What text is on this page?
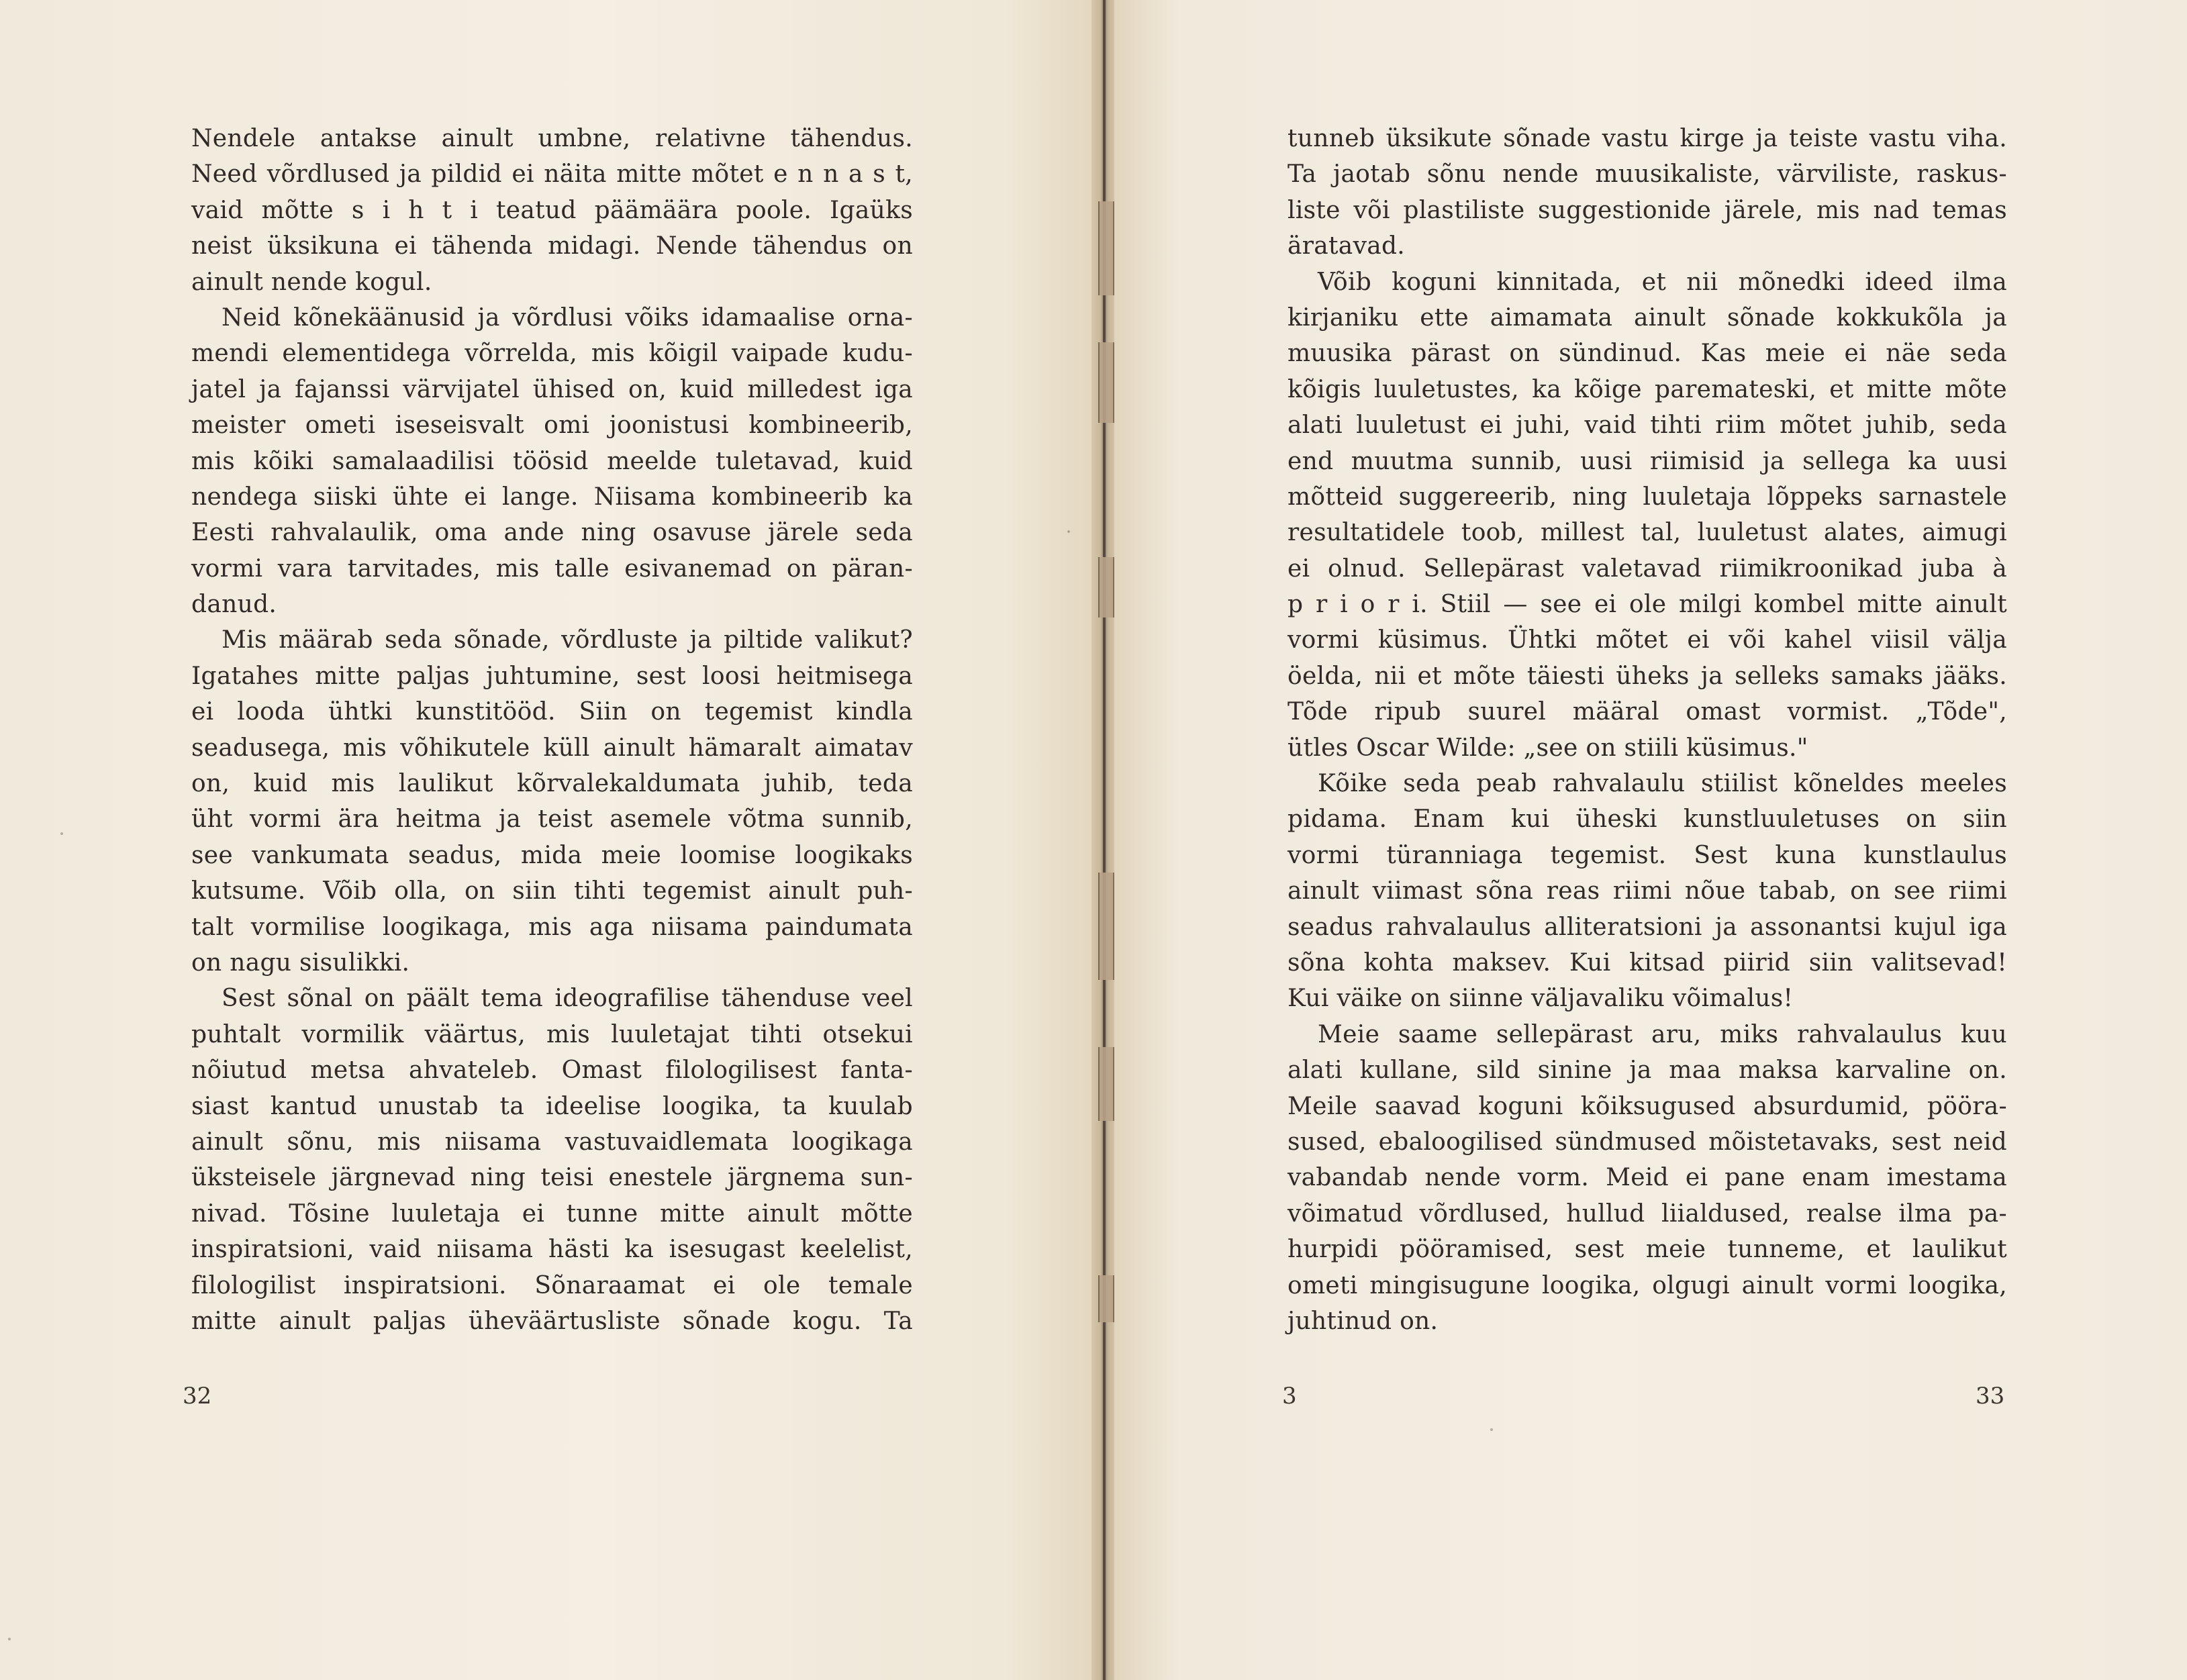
Nendele antakse ainult umbne, relativne tähendus.
Need võrdlused ja pildid ei näita mitte mõtet e n n a s t,
vaid mõtte s i h t i teatud päämäära poole. Igaüks
neist üksikuna ei tähenda midagi. Nende tähendus on
ainult nende kogul.
Neid kõnekäänusid ja võrdlusi võiks idamaalise orna-
mendi elementidega võrrelda, mis kõigil vaipade kudu-
jatel ja fajanssi värvijatel ühised on, kuid milledest iga
meister ometi iseseisvalt omi joonistusi kombineerib,
mis kõiki samalaadilisi töösid meelde tuletavad, kuid
nendega siiski ühte ei lange. Niisama kombineerib ka
Eesti rahvalaulik, oma ande ning osavuse järele seda
vormi vara tarvitades, mis talle esivanemad on päran-
danud.
Mis määrab seda sõnade, võrdluste ja piltide valikut?
Igatahes mitte paljas juhtumine, sest loosi heitmisega
ei looda ühtki kunstitööd. Siin on tegemist kindla
seadusega, mis võhikutele küll ainult hämaralt aimatav
on, kuid mis laulikut kõrvalekaldumata juhib, teda
üht vormi ära heitma ja teist asemele võtma sunnib,
see vankumata seadus, mida meie loomise loogikaks
kutsume. Võib olla, on siin tihti tegemist ainult puh-
talt vormilise loogikaga, mis aga niisama paindumata
on nagu sisulikki.
Sest sõnal on päält tema ideografilise tähenduse veel
puhtalt vormilik väärtus, mis luuletajat tihti otsekui
nõiutud metsa ahvateleb. Omast filologilisest fanta-
siast kantud unustab ta ideelise loogika, ta kuulab
ainult sõnu, mis niisama vastuvaidlematа loogikaga
üksteisele järgnevad ning teisi enestele järgnema sun-
nivad. Tõsine luuletaja ei tunne mitte ainult mõtte
inspiratsioni, vaid niisama hästi ka isesugast keelelist,
filologilist inspiratsioni. Sõnaraamat ei ole temale
mitte ainult paljas üheväärtusliste sõnade kogu. Ta
32
tunneb üksikute sõnade vastu kirge ja teiste vastu viha.
Ta jaotab sõnu nende muusikaliste, värviliste, raskus-
liste või plastiliste suggestionide järele, mis nad temas
äratavad.
Võib koguni kinnitada, et nii mõnedki ideed ilma
kirjaniku ette aimamata ainult sõnade kokkukõla ja
muusika pärast on sündinud. Kas meie ei näe seda
kõigis luuletustes, ka kõige paremateski, et mitte mõte
alati luuletust ei juhi, vaid tihti riim mõtet juhib, seda
end muutma sunnib, uusi riimisid ja sellega ka uusi
mõtteid suggereerib, ning luuletaja lõppeks sarnastele
resultatidele toob, millest tal, luuletust alates, aimugi
ei olnud. Sellepärast valetavad riimikroonikad juba à
p r i o r i. Stiil — see ei ole milgi kombel mitte ainult
vormi küsimus. Ühtki mõtet ei või kahel viisil välja
öelda, nii et mõte täiesti üheks ja selleks samaks jääks.
Tõde ripub suurel määral omast vormist. „Tõde",
ütles Oscar Wilde: „see on stiili küsimus."
Kõike seda peab rahvalaulu stiilist kõneldes meeles
pidama. Enam kui üheski kunstluuletuses on siin
vormi türanniaga tegemist. Sest kuna kunstlaulus
ainult viimast sõna reas riimi nõue tabab, on see riimi
seadus rahvalaulus alliteratsioni ja assonantsi kujul iga
sõna kohta maksev. Kui kitsad piirid siin valitsevad!
Kui väike on siinne väljavaliku võimalus!
Meie saame sellepärast aru, miks rahvalaulus kuu
alati kullane, sild sinine ja maa maksa karvaline on.
Meile saavad koguni kõiksugused absurdumid, pöörа-
sused, ebaloogilised sündmused mõistetavaks, sest neid
vabandab nende vorm. Meid ei pane enam imestama
võimatud võrdlused, hullud liialdused, realse ilma pa-
hurpidi pööramised, sest meie tunneme, et laulikut
ometi mingisugune loogika, olgugi ainult vormi loogika,
juhtinud on.
3	33
